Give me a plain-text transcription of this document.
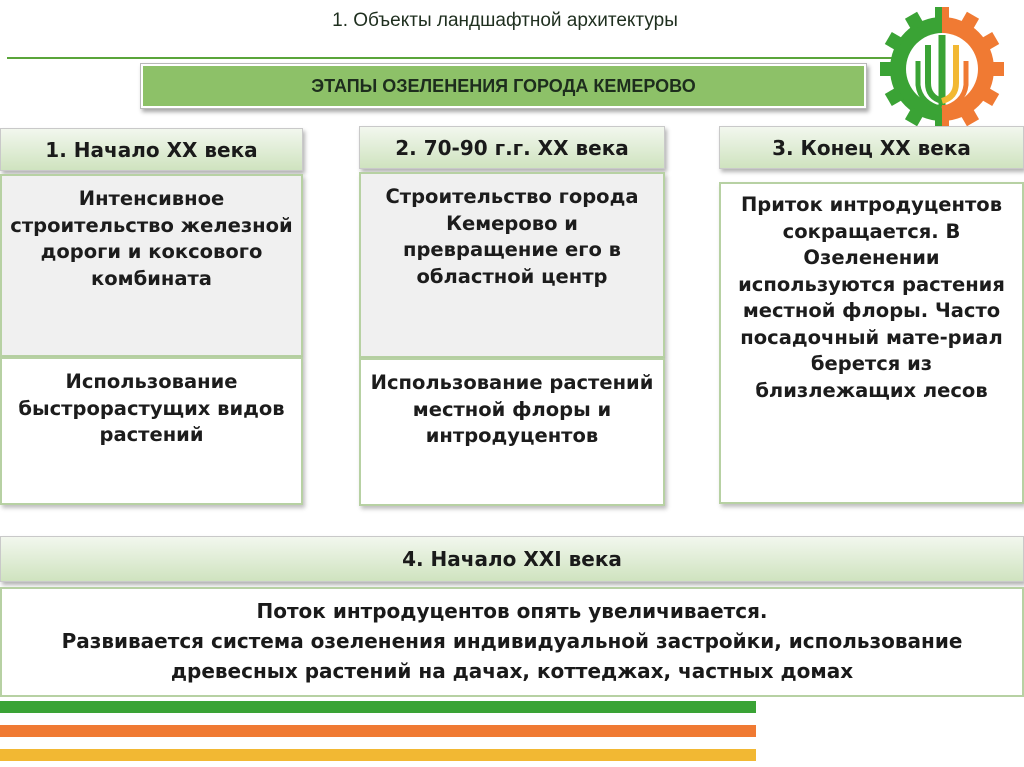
1. Объекты ландшафтной архитектуры
ЭТАПЫ ОЗЕЛЕНЕНИЯ ГОРОДА КЕМЕРОВО
1. Начало XX века
Интенсивное строительство железной дороги и коксового комбината
Использование быстрорастущих видов растений
2. 70-90 г.г. XX века
Строительство города Кемерово и превращение его в областной центр
Использование растений местной флоры и интродуцентов
3. Конец XX века
Приток интродуцентов сокращается. В Озеленении используются растения местной флоры. Часто посадочный мате-риал берется из близлежащих лесов
4. Начало XXI века
Поток интродуцентов опять увеличивается.
Развивается система озеленения индивидуальной застройки, использование древесных растений на дачах, коттеджах, частных домах
